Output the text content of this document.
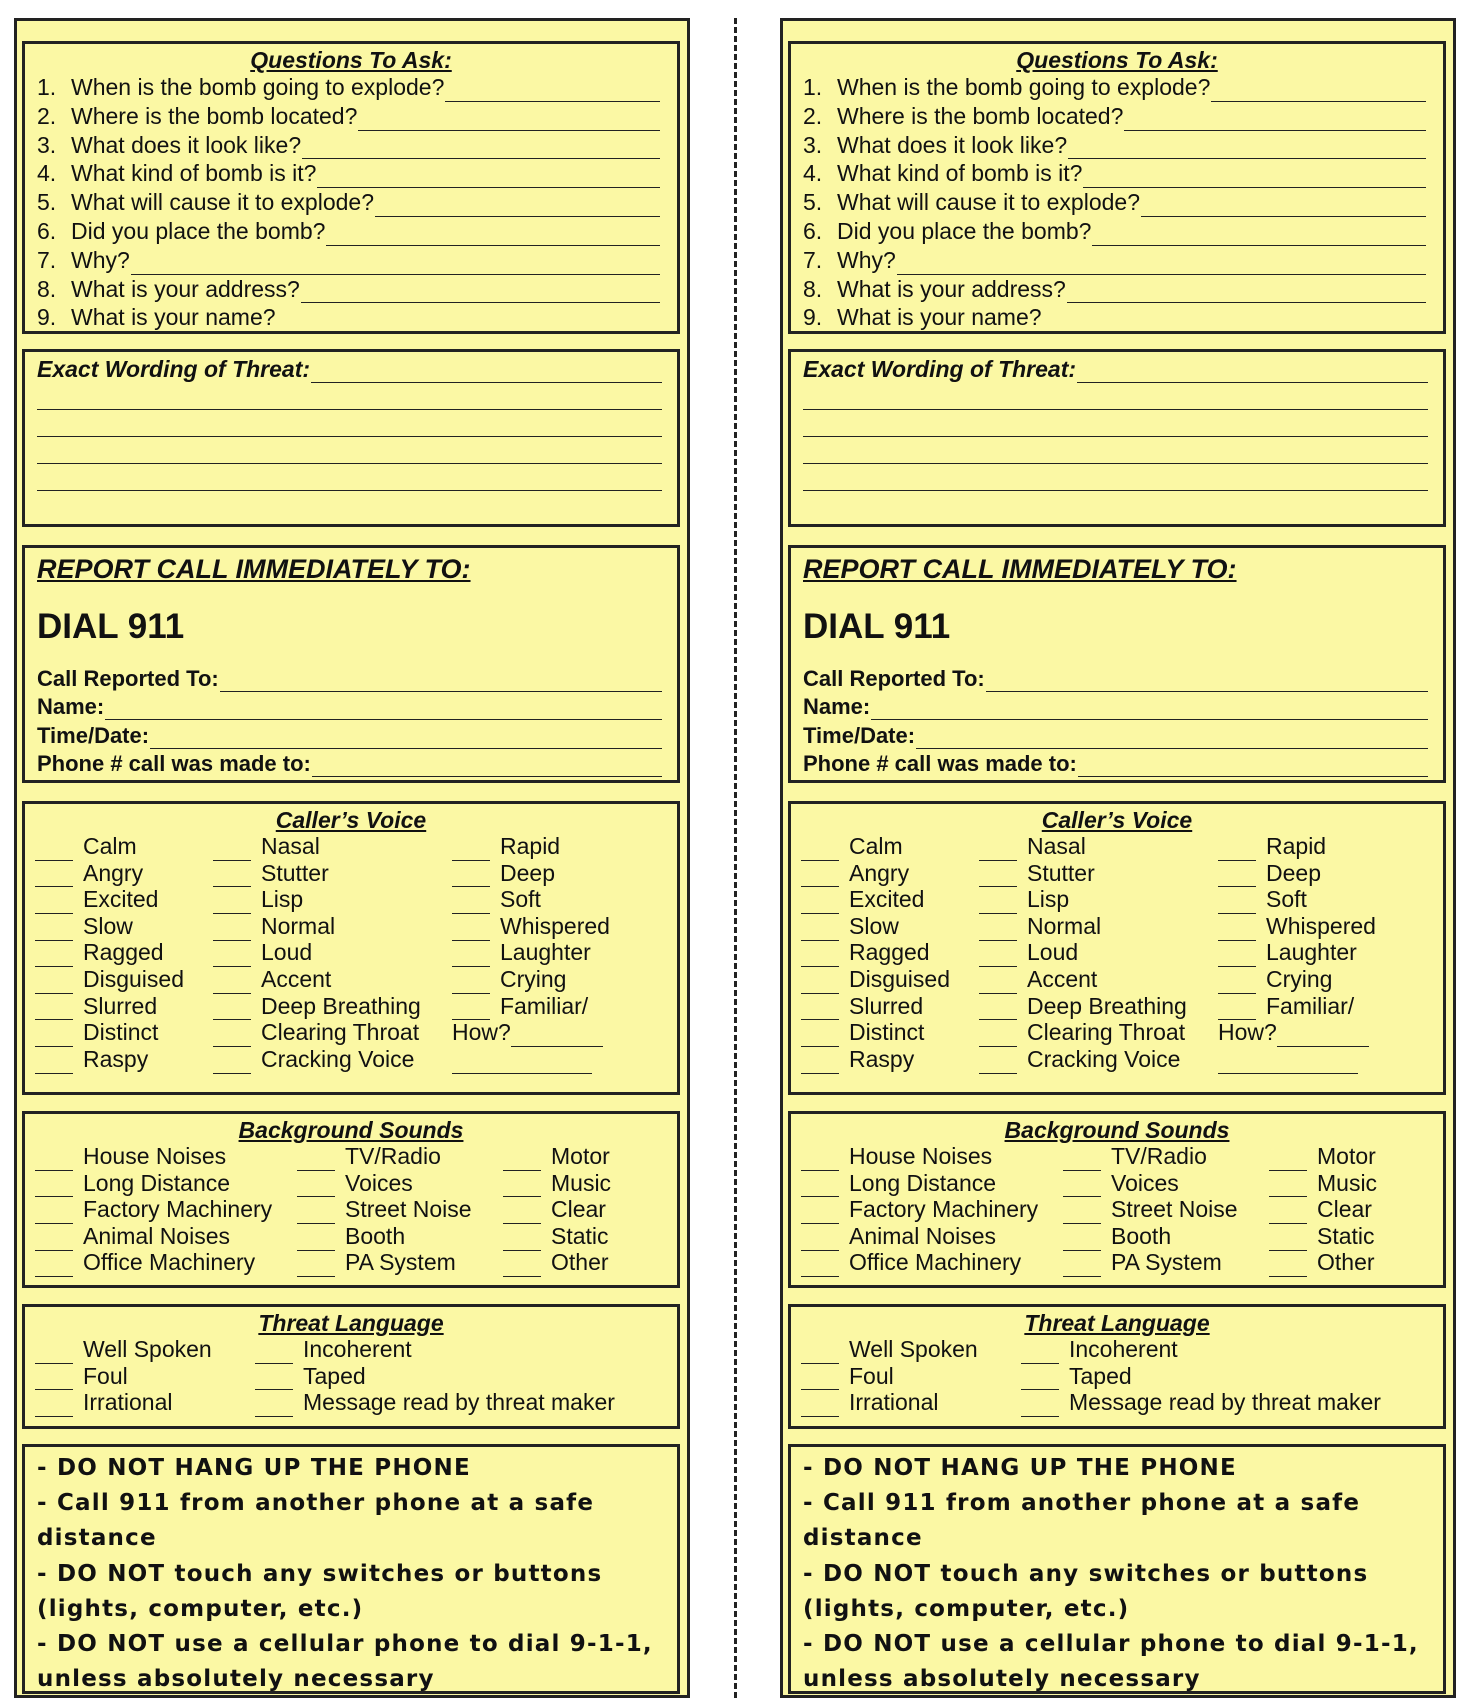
Questions To Ask:
1. When is the bomb going to explode?
2. Where is the bomb located?
3. What does it look like?
4. What kind of bomb is it?
5. What will cause it to explode?
6. Did you place the bomb?
7. Why?
8. What is your address?
9. What is your name?
Exact Wording of Threat:
REPORT CALL IMMEDIATELY TO:
DIAL 911
Call Reported To:
Name:
Time/Date:
Phone # call was made to:
Caller’s Voice
Calm
Angry
Excited
Slow
Ragged
Disguised
Slurred
Distinct
Raspy
Nasal
Stutter
Lisp
Normal
Loud
Accent
Deep Breathing
Clearing Throat
Cracking Voice
Rapid
Deep
Soft
Whispered
Laughter
Crying
Familiar/
How?
Background Sounds
House Noises
Long Distance
Factory Machinery
Animal Noises
Office Machinery
TV/Radio
Voices
Street Noise
Booth
PA System
Motor
Music
Clear
Static
Other
Threat Language
Well Spoken
Foul
Irrational
Incoherent
Taped
Message read by threat maker
- DO NOT HANG UP THE PHONE
- Call 911 from another phone at a safe
distance
- DO NOT touch any switches or buttons
(lights, computer, etc.)
- DO NOT use a cellular phone to dial 9-1-1,
unless absolutely necessary
Questions To Ask:
1. When is the bomb going to explode?
2. Where is the bomb located?
3. What does it look like?
4. What kind of bomb is it?
5. What will cause it to explode?
6. Did you place the bomb?
7. Why?
8. What is your address?
9. What is your name?
Exact Wording of Threat:
REPORT CALL IMMEDIATELY TO:
DIAL 911
Call Reported To:
Name:
Time/Date:
Phone # call was made to:
Caller’s Voice
Calm
Angry
Excited
Slow
Ragged
Disguised
Slurred
Distinct
Raspy
Nasal
Stutter
Lisp
Normal
Loud
Accent
Deep Breathing
Clearing Throat
Cracking Voice
Rapid
Deep
Soft
Whispered
Laughter
Crying
Familiar/
How?
Background Sounds
House Noises
Long Distance
Factory Machinery
Animal Noises
Office Machinery
TV/Radio
Voices
Street Noise
Booth
PA System
Motor
Music
Clear
Static
Other
Threat Language
Well Spoken
Foul
Irrational
Incoherent
Taped
Message read by threat maker
- DO NOT HANG UP THE PHONE
- Call 911 from another phone at a safe
distance
- DO NOT touch any switches or buttons
(lights, computer, etc.)
- DO NOT use a cellular phone to dial 9-1-1,
unless absolutely necessary
